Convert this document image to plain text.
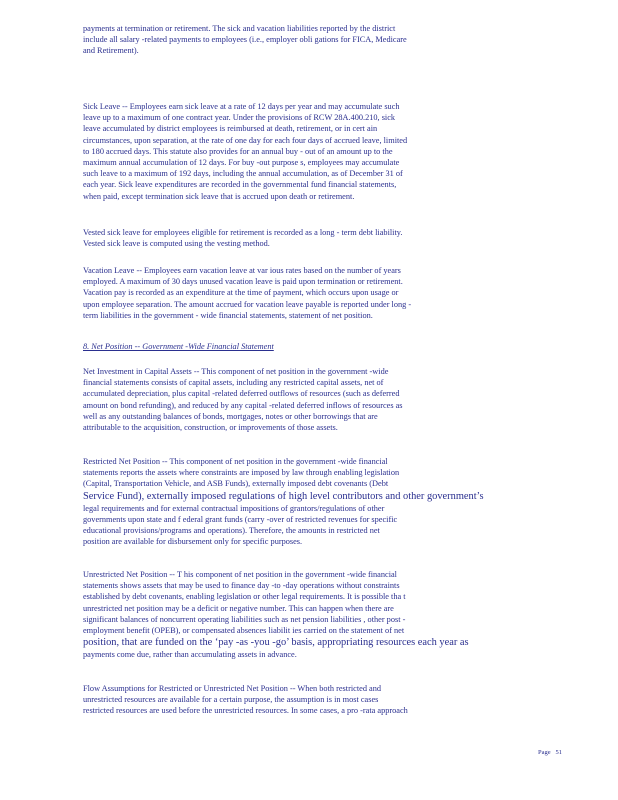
payments at termination or retirement. The sick and vacation liabilities reported by the district
include all salary -related payments to employees (i.e., employer obli gations for FICA, Medicare
and Retirement).
Sick Leave -- Employees earn sick leave at a rate of 12 days per year and may accumulate such
leave up to a maximum of one contract year. Under the provisions of RCW 28A.400.210, sick
leave accumulated by district employees is reimbursed at death, retirement, or in cert ain
circumstances, upon separation, at the rate of one day for each four days of accrued leave, limited
to 180 accrued days. This statute also provides for an annual buy - out of an amount up to the
maximum annual accumulation of 12 days. For buy -out purpose s, employees may accumulate
such leave to a maximum of 192 days, including the annual accumulation, as of December 31 of
each year. Sick leave expenditures are recorded in the governmental fund financial statements,
when paid, except termination sick leave that is accrued upon death or retirement.
Vested sick leave for employees eligible for retirement is recorded as a long - term debt liability.
Vested sick leave is computed using the vesting method.
Vacation Leave -- Employees earn vacation leave at var ious rates based on the number of years
employed. A maximum of 30 days unused vacation leave is paid upon termination or retirement.
Vacation pay is recorded as an expenditure at the time of payment, which occurs upon usage or
upon employee separation. The amount accrued for vacation leave payable is reported under long -
term liabilities in the government - wide financial statements, statement of net position.
8. Net Position -- Government -Wide Financial Statement
Net Investment in Capital Assets -- This component of net position in the government -wide
financial statements consists of capital assets, including any restricted capital assets, net of
accumulated depreciation, plus capital -related deferred outflows of resources (such as deferred
amount on bond refunding), and reduced by any capital -related deferred inflows of resources as
well as any outstanding balances of bonds, mortgages, notes or other borrowings that are
attributable to the acquisition, construction, or improvements of those assets.
Restricted Net Position -- This component of net position in the government -wide financial
statements reports the assets where constraints are imposed by law through enabling legislation
(Capital, Transportation Vehicle, and ASB Funds), externally imposed debt covenants (Debt
Service Fund), externally imposed regulations of high level contributors and other government’s
legal requirements and for external contractual impositions of grantors/regulations of other
governments upon state and f ederal grant funds (carry -over of restricted revenues for specific
educational provisions/programs and operations). Therefore, the amounts in restricted net
position are available for disbursement only for specific purposes.
Unrestricted Net Position -- T his component of net position in the government -wide financial
statements shows assets that may be used to finance day -to -day operations without constraints
established by debt covenants, enabling legislation or other legal requirements. It is possible tha t
unrestricted net position may be a deficit or negative number. This can happen when there are
significant balances of noncurrent operating liabilities such as net pension liabilities , other post -
employment benefit (OPEB), or compensated absences liabilit ies carried on the statement of net
position, that are funded on the ‘pay -as -you -go’ basis, appropriating resources each year as
payments come due, rather than accumulating assets in advance.
Flow Assumptions for Restricted or Unrestricted Net Position -- When both restricted and
unrestricted resources are available for a certain purpose, the assumption is in most cases
restricted resources are used before the unrestricted resources. In some cases, a pro -rata approach
Page 51
